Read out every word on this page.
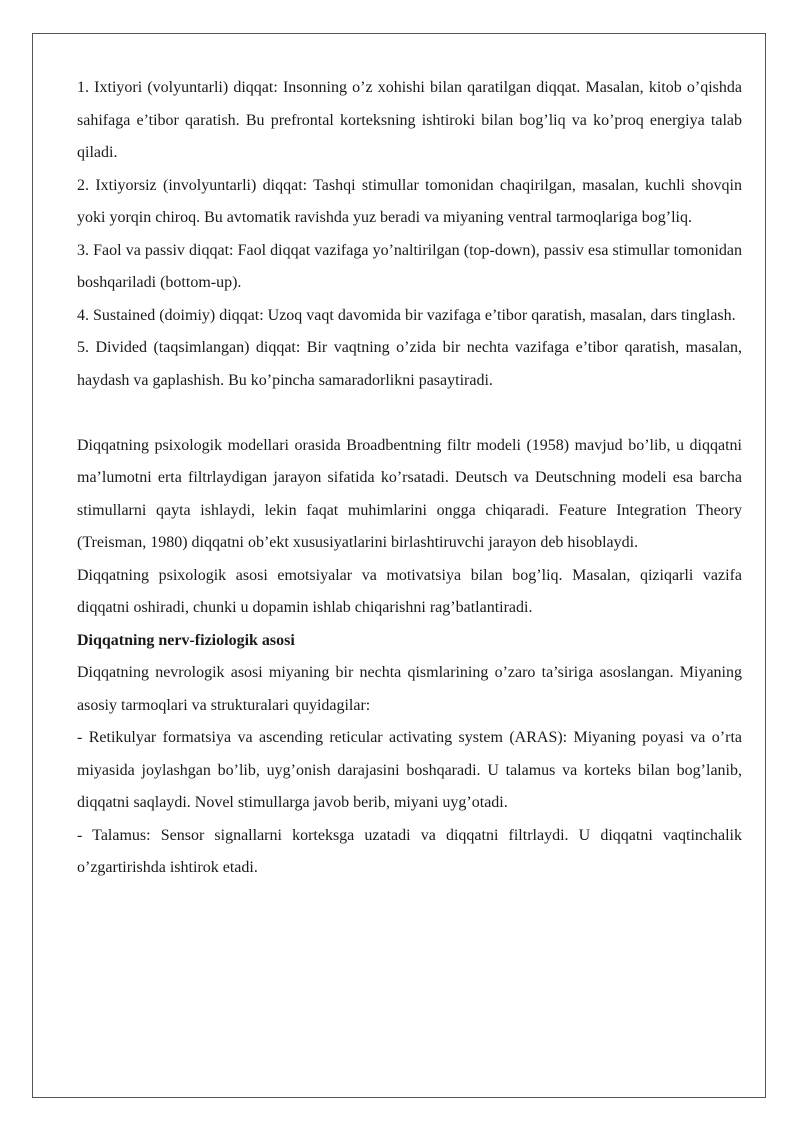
1. Ixtiyori (volyuntarli) diqqat: Insonning o’z xohishi bilan qaratilgan diqqat. Masalan, kitob o’qishda sahifaga e’tibor qaratish. Bu prefrontal korteksning ishtiroki bilan bog’liq va ko’proq energiya talab qiladi.

2. Ixtiyorsiz (involyuntarli) diqqat: Tashqi stimullar tomonidan chaqirilgan, masalan, kuchli shovqin yoki yorqin chiroq. Bu avtomatik ravishda yuz beradi va miyaning ventral tarmoqlariga bog’liq.

3. Faol va passiv diqqat: Faol diqqat vazifaga yo’naltirilgan (top-down), passiv esa stimullar tomonidan boshqariladi (bottom-up).

4. Sustained (doimiy) diqqat: Uzoq vaqt davomida bir vazifaga e’tibor qaratish, masalan, dars tinglash.

5. Divided (taqsimlangan) diqqat: Bir vaqtning o’zida bir nechta vazifaga e’tibor qaratish, masalan, haydash va gaplashish. Bu ko’pincha samaradorlikni pasaytiradi.

Diqqatning psixologik modellari orasida Broadbentning filtr modeli (1958) mavjud bo’lib, u diqqatni ma’lumotni erta filtrlaydigan jarayon sifatida ko’rsatadi. Deutsch va Deutschning modeli esa barcha stimullarni qayta ishlaydi, lekin faqat muhimlarini ongga chiqaradi. Feature Integration Theory (Treisman, 1980) diqqatni ob’ekt xususiyatlarini birlashtiruvchi jarayon deb hisoblaydi.

Diqqatning psixologik asosi emotsiyalar va motivatsiya bilan bog’liq. Masalan, qiziqarli vazifa diqqatni oshiradi, chunki u dopamin ishlab chiqarishni rag’batlantiradi.

Diqqatning nerv-fiziologik asosi

Diqqatning nevrologik asosi miyaning bir nechta qismlarining o’zaro ta’siriga asoslangan. Miyaning asosiy tarmoqlari va strukturalari quyidagilar:

- Retikulyar formatsiya va ascending reticular activating system (ARAS): Miyaning poyasi va o’rta miyasida joylashgan bo’lib, uyg’onish darajasini boshqaradi. U talamus va korteks bilan bog’lanib, diqqatni saqlaydi. Novel stimullarga javob berib, miyani uyg’otadi.

- Talamus: Sensor signallarni korteksga uzatadi va diqqatni filtrlaydi. U diqqatni vaqtinchalik o’zgartirishda ishtirok etadi.
